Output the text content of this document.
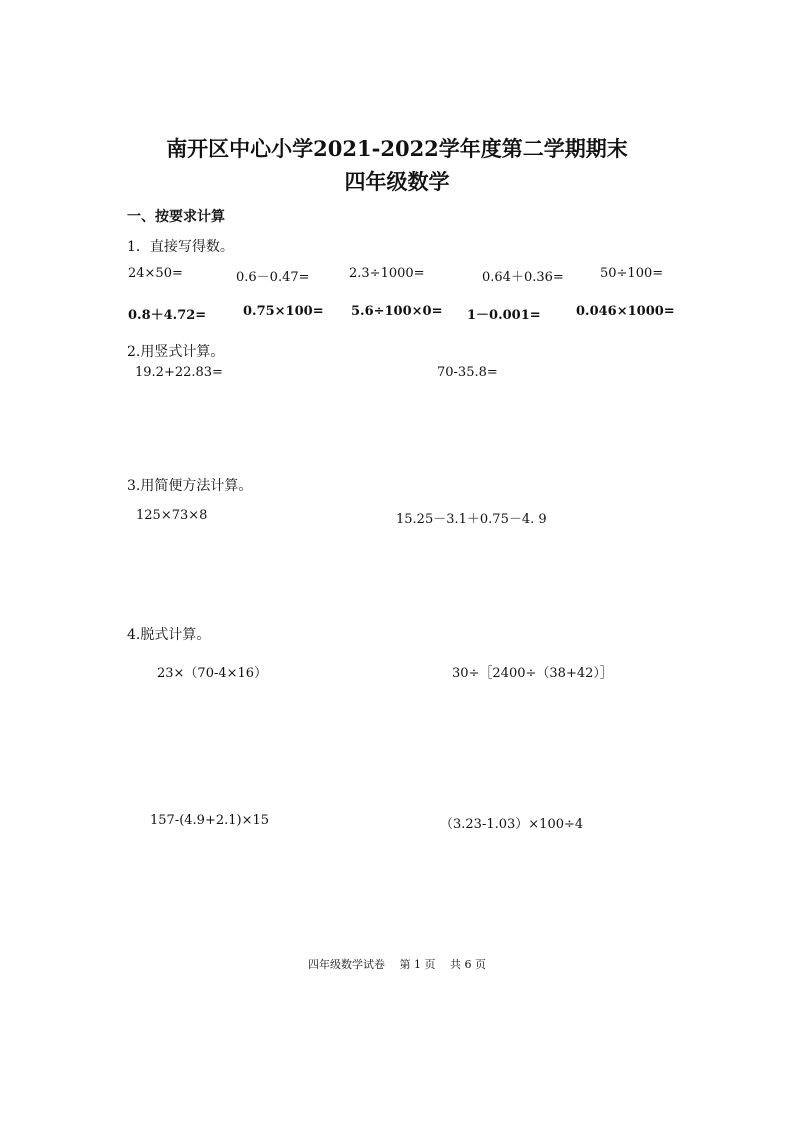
南开区中心小学2021-2022学年度第二学期期末
四年级数学
一、按要求计算
1．直接写得数。
24×50=	0.6－0.47=	2.3÷1000=	0.64＋0.36=	50÷100=
0.8＋4.72=	0.75×100= 5.6÷100×0= 1－0.001=	0.046×1000=
2.用竖式计算。
19.2+22.83=	70-35.8=
3.用简便方法计算。
125×73×8	15.25－3.1＋0.75－4. 9
4.脱式计算。
23×（70-4×16）	30÷［2400÷（38+42）］
157-(4.9+2.1)×15	（3.23-1.03）×100÷4
四年级数学试卷　 第 1 页　 共 6 页
